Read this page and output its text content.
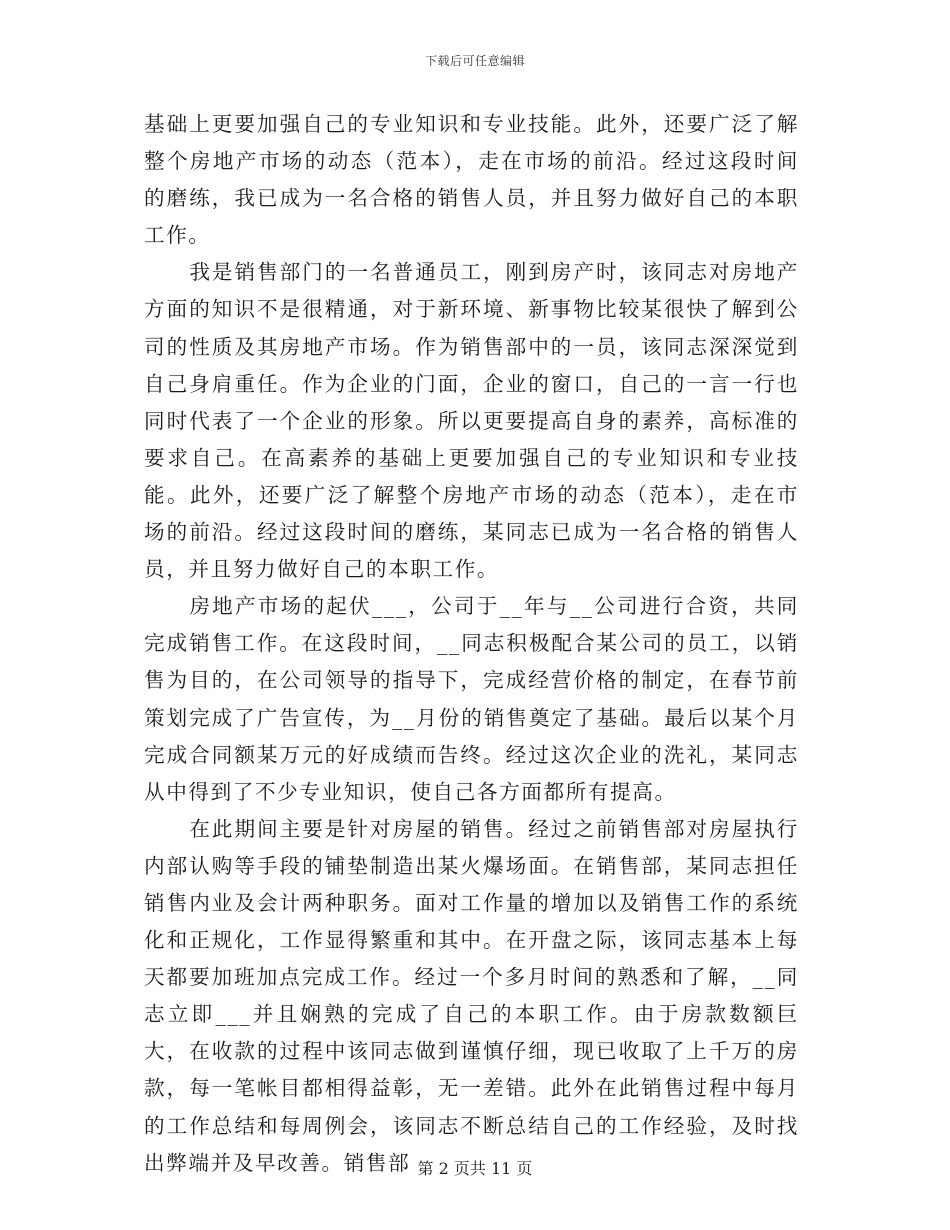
下载后可任意编辑

基础上更要加强自己的专业知识和专业技能。此外，还要广泛了解整个房地产市场的动态（范本），走在市场的前沿。经过这段时间的磨练，我已成为一名合格的销售人员，并且努力做好自己的本职工作。

我是销售部门的一名普通员工，刚到房产时，该同志对房地产方面的知识不是很精通，对于新环境、新事物比较某很快了解到公司的性质及其房地产市场。作为销售部中的一员，该同志深深觉到自己身肩重任。作为企业的门面，企业的窗口，自己的一言一行也同时代表了一个企业的形象。所以更要提高自身的素养，高标准的要求自己。在高素养的基础上更要加强自己的专业知识和专业技能。此外，还要广泛了解整个房地产市场的动态（范本），走在市场的前沿。经过这段时间的磨练，某同志已成为一名合格的销售人员，并且努力做好自己的本职工作。

房地产市场的起伏___，公司于__年与__公司进行合资，共同完成销售工作。在这段时间，__同志积极配合某公司的员工，以销售为目的，在公司领导的指导下，完成经营价格的制定，在春节前策划完成了广告宣传，为__月份的销售奠定了基础。最后以某个月完成合同额某万元的好成绩而告终。经过这次企业的洗礼，某同志从中得到了不少专业知识，使自己各方面都所有提高。

在此期间主要是针对房屋的销售。经过之前销售部对房屋执行内部认购等手段的铺垫制造出某火爆场面。在销售部，某同志担任销售内业及会计两种职务。面对工作量的增加以及销售工作的系统化和正规化，工作显得繁重和其中。在开盘之际，该同志基本上每天都要加班加点完成工作。经过一个多月时间的熟悉和了解，__同志立即___并且娴熟的完成了自己的本职工作。由于房款数额巨大，在收款的过程中该同志做到谨慎仔细，现已收取了上千万的房款，每一笔帐目都相得益彰，无一差错。此外在此销售过程中每月的工作总结和每周例会，该同志不断总结自己的工作经验，及时找出弊端并及早改善。销售部 第 2 页共 11 页
